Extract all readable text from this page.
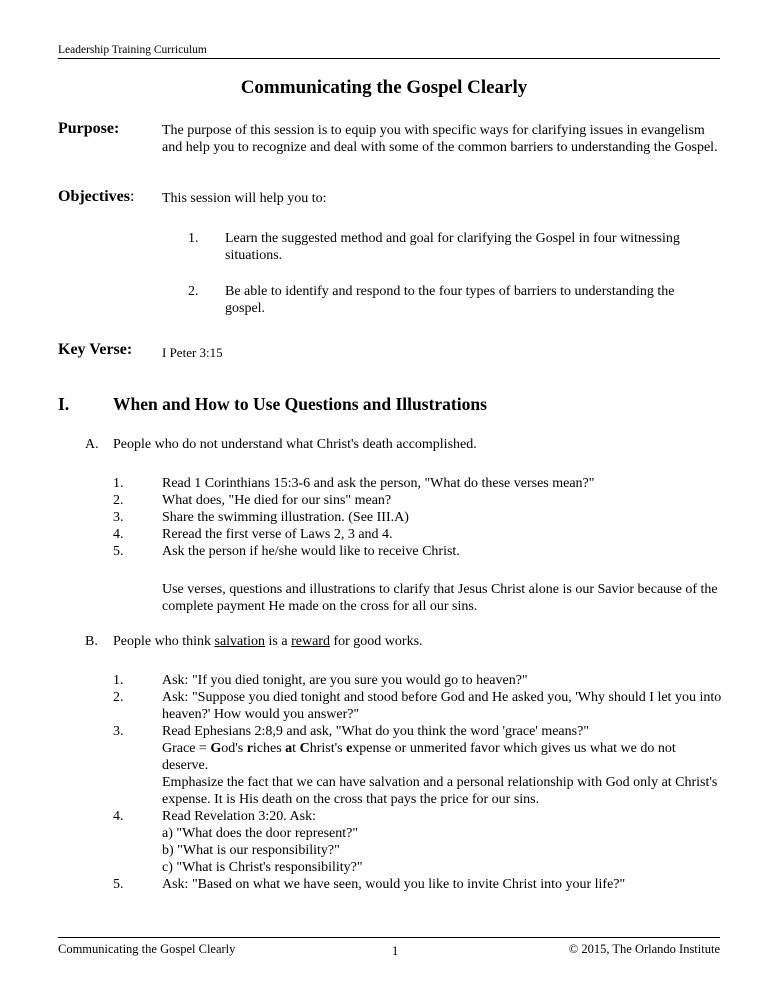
Leadership Training Curriculum
Communicating the Gospel Clearly
Purpose:	The purpose of this session is to equip you with specific ways for clarifying issues in evangelism and help you to recognize and deal with some of the common barriers to understanding the Gospel.
Objectives: This session will help you to:
1. Learn the suggested method and goal for clarifying the Gospel in four witnessing situations.
2. Be able to identify and respond to the four types of barriers to understanding the gospel.
Key Verse: I Peter 3:15
I.	When and How to Use Questions and Illustrations
A. People who do not understand what Christ's death accomplished.
1.	Read 1 Corinthians 15:3-6 and ask the person, "What do these verses mean?"
2.	What does, "He died for our sins" mean?
3.	Share the swimming illustration. (See III.A)
4.	Reread the first verse of Laws 2, 3 and 4.
5.	Ask the person if he/she would like to receive Christ.
Use verses, questions and illustrations to clarify that Jesus Christ alone is our Savior because of the complete payment He made on the cross for all our sins.
B. People who think salvation is a reward for good works.
1.	Ask: "If you died tonight, are you sure you would go to heaven?"
2.	Ask: "Suppose you died tonight and stood before God and He asked you, 'Why should I let you into heaven?' How would you answer?"
3.	Read Ephesians 2:8,9 and ask, "What do you think the word 'grace' means?"
Grace = God's riches at Christ's expense or unmerited favor which gives us what we do not deserve.
Emphasize the fact that we can have salvation and a personal relationship with God only at Christ's expense. It is His death on the cross that pays the price for our sins.
4.	Read Revelation 3:20. Ask:
a) "What does the door represent?"
b) "What is our responsibility?"
c) "What is Christ's responsibility?"
5.	Ask: "Based on what we have seen, would you like to invite Christ into your life?"
Communicating the Gospel Clearly	1	© 2015, The Orlando Institute
